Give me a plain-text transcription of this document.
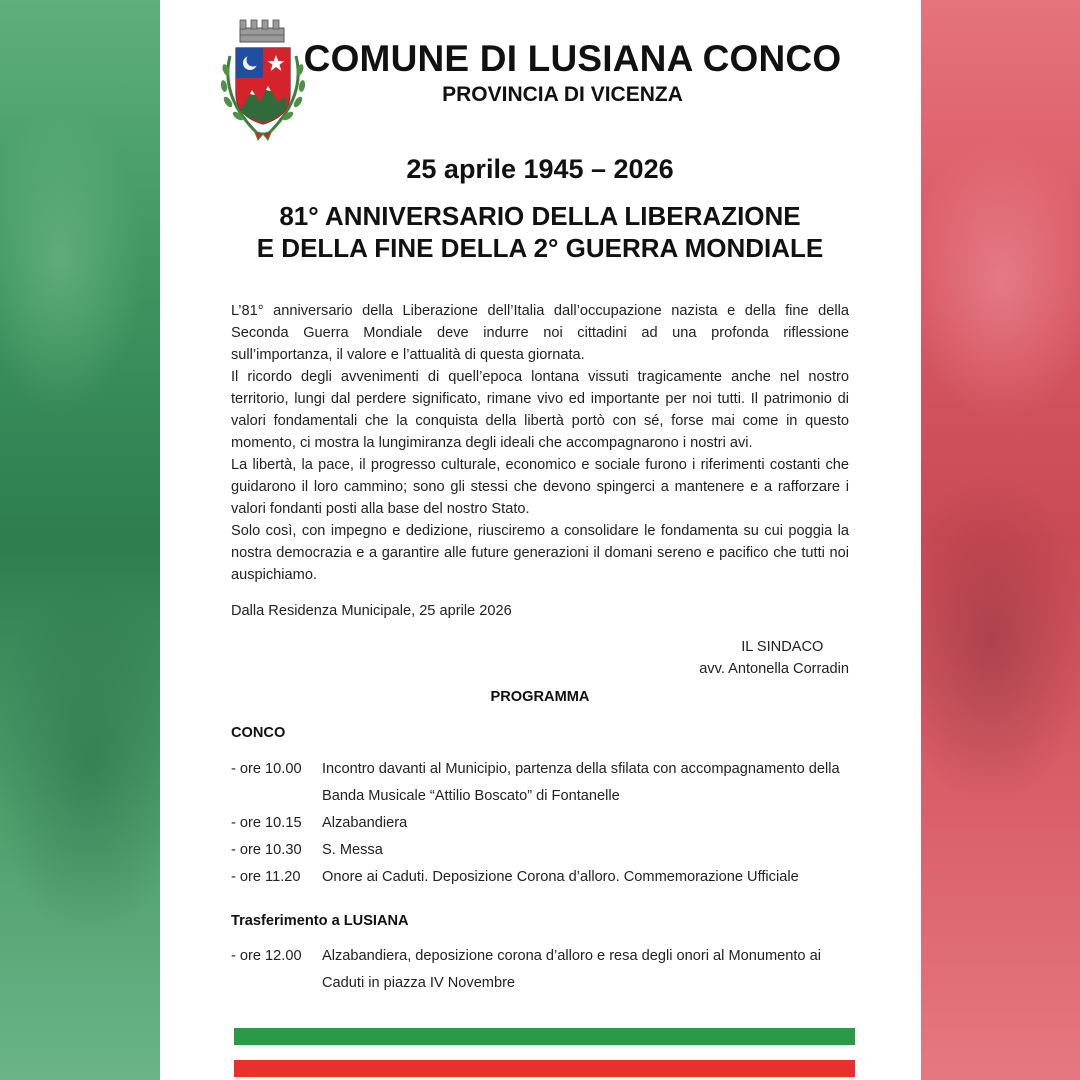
COMUNE DI LUSIANA CONCO
PROVINCIA DI VICENZA
25 aprile 1945 – 2026
81° ANNIVERSARIO DELLA LIBERAZIONE
E DELLA FINE DELLA 2° GUERRA MONDIALE

L’81° anniversario della Liberazione dell’Italia dall’occupazione nazista e della fine della Seconda Guerra Mondiale deve indurre noi cittadini ad una profonda riflessione sull’importanza, il valore e l’attualità di questa giornata.

Il ricordo degli avvenimenti di quell’epoca lontana vissuti tragicamente anche nel nostro territorio, lungi dal perdere significato, rimane vivo ed importante per noi tutti. Il patrimonio di valori fondamentali che la conquista della libertà portò con sé, forse mai come in questo momento, ci mostra la lungimiranza degli ideali che accompagnarono i nostri avi.

La libertà, la pace, il progresso culturale, economico e sociale furono i riferimenti costanti che guidarono il loro cammino; sono gli stessi che devono spingerci a mantenere e a rafforzare i valori fondanti posti alla base del nostro Stato.

Solo così, con impegno e dedizione, riusciremo a consolidare le fondamenta su cui poggia la nostra democrazia e a garantire alle future generazioni il domani sereno e pacifico che tutti noi auspichiamo.

Dalla Residenza Municipale, 25 aprile 2026

IL SINDACO

avv. Antonella Corradin

PROGRAMMA
CONCO
- ore 10.00	Incontro davanti al Municipio, partenza della sfilata con accompagnamento della Banda Musicale “Attilio Boscato” di Fontanelle
- ore 10.15	Alzabandiera
- ore 10.30	S. Messa
- ore 11.20	Onore ai Caduti. Deposizione Corona d’alloro. Commemorazione Ufficiale
Trasferimento a LUSIANA
- ore 12.00	Alzabandiera, deposizione corona d’alloro e resa degli onori al Monumento ai Caduti in piazza IV Novembre
